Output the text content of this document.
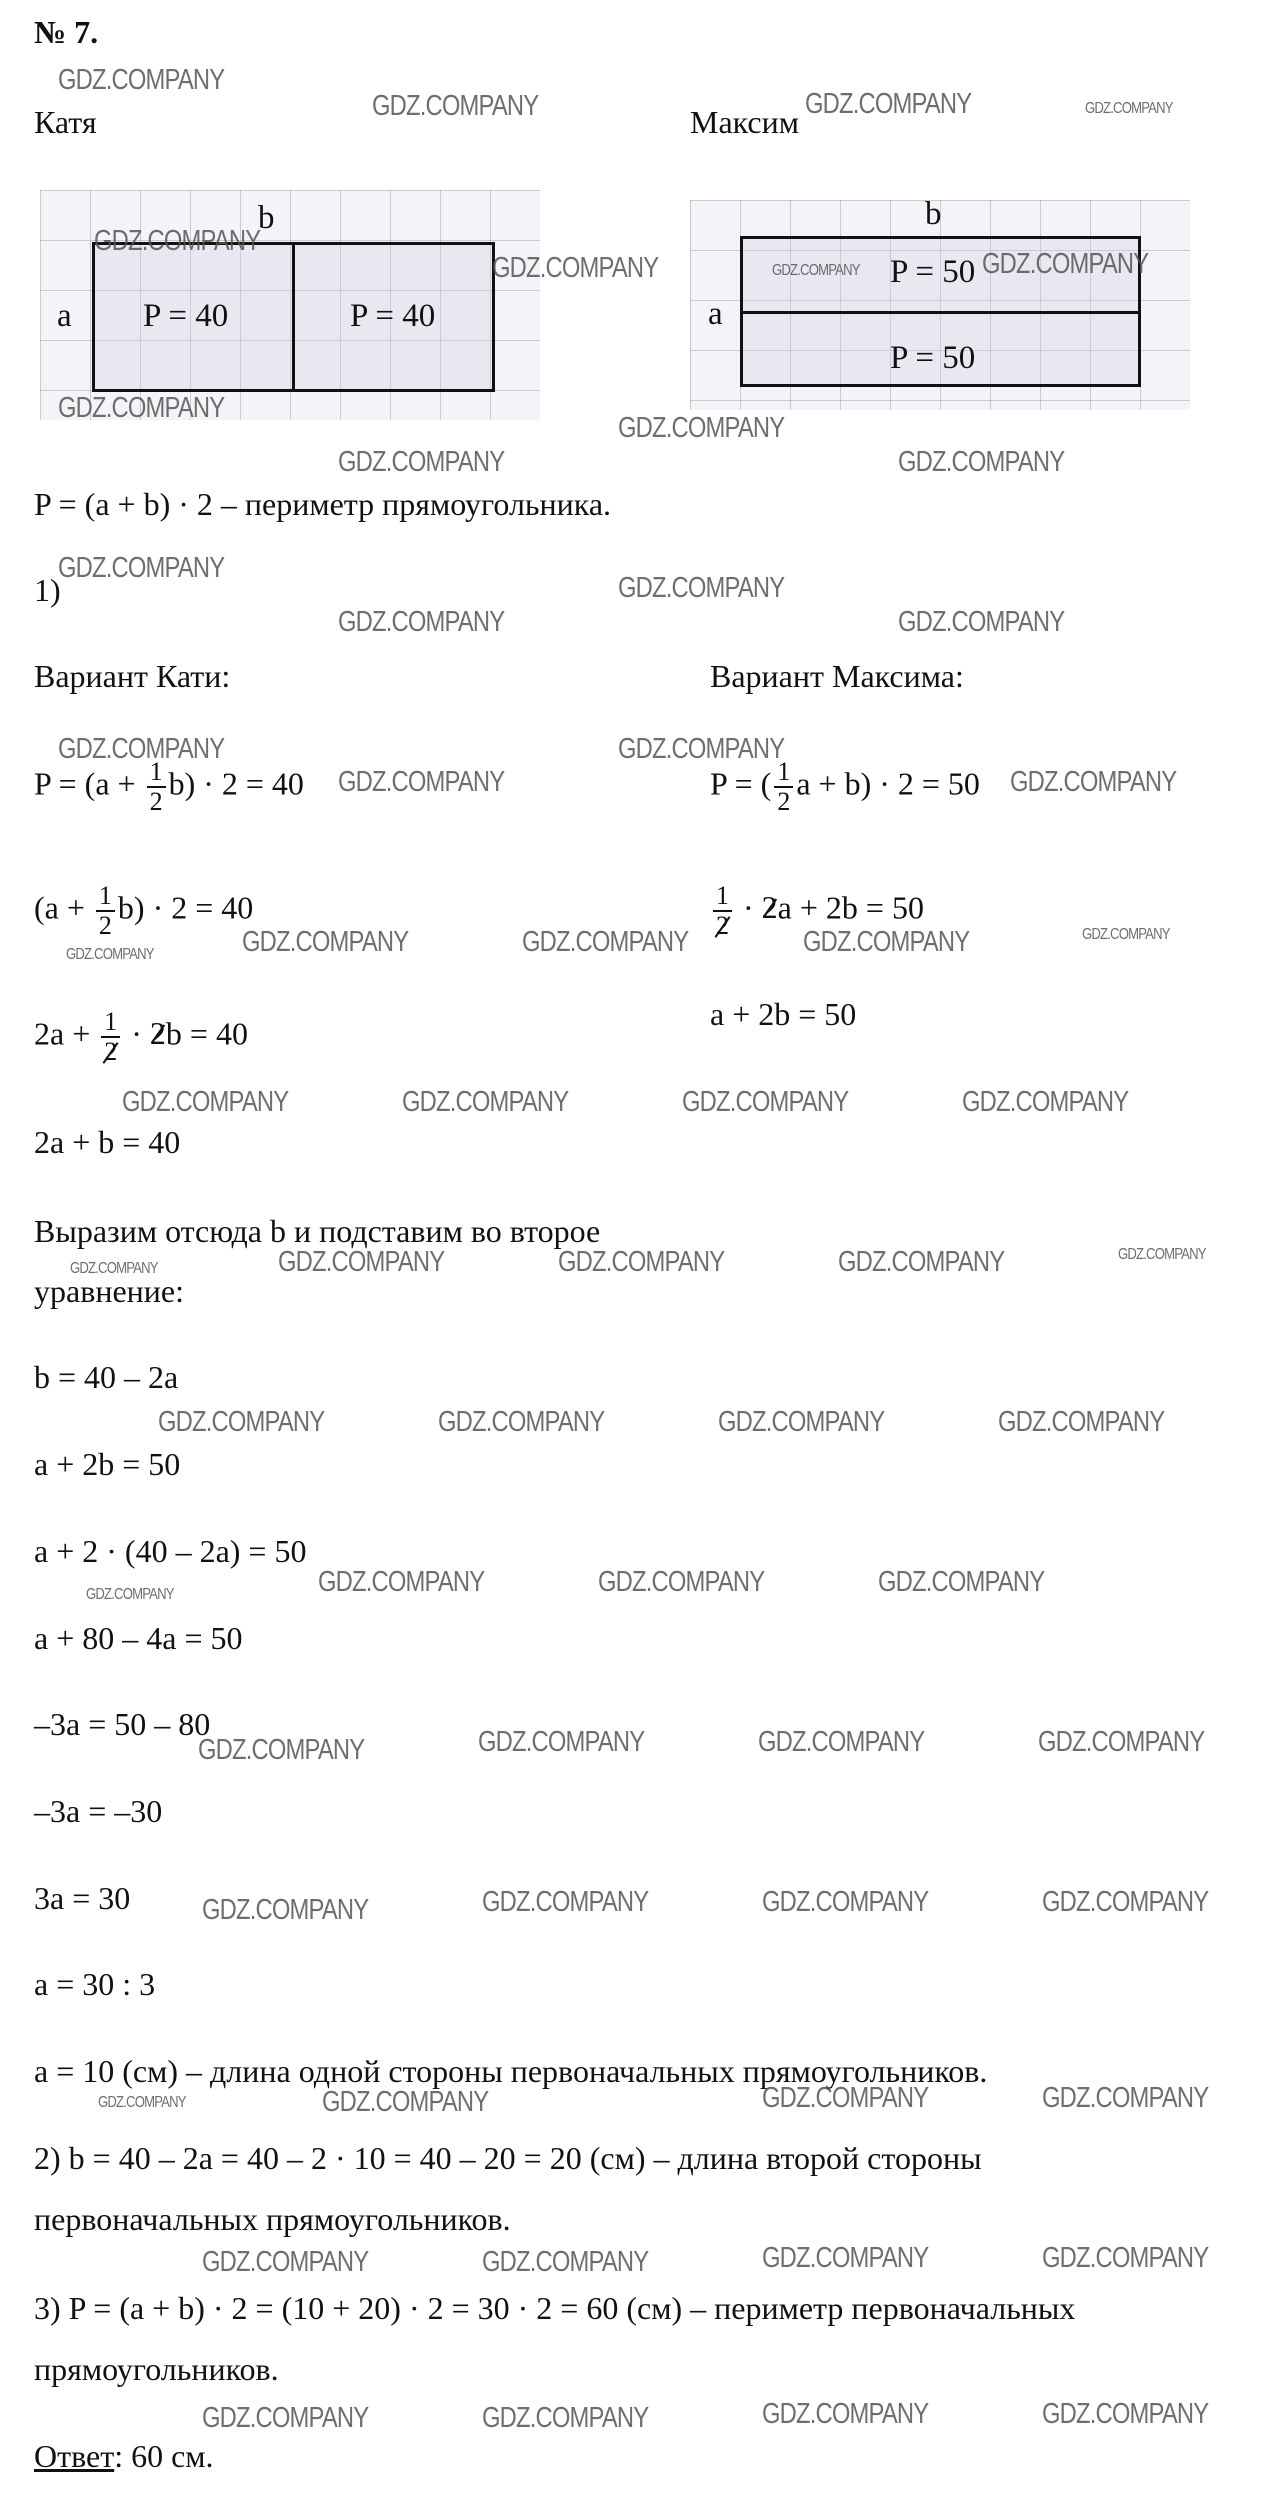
№ 7.
Катя	Максим
P = 40	P = 40
a
b
P = 50
P = 50
a
b
P = (a + b) · 2 – периметр прямоугольника.
1)
Вариант Кати:	Вариант Максима:
$P = (a + \frac{1}{2} b) \cdot 2 = 40$
$(a + \frac{1}{2} b) \cdot 2 = 40$
$2a + \frac{1}{2} \cdot 2b = 40$
2a + b = 40
P = ( $\frac{1}{2}$ a + b) · 2 = 50
$\frac{1}{2} \cdot 2a + 2b = 50$
a + 2b = 50
Выразим отсюда b и подставим во второе
уравнение:
b = 40 – 2a
a + 2b = 50
a + 2 · (40 – 2a) = 50
a + 80 – 4a = 50
–3a = 50 – 80
–3a = –30
3a = 30
a = 30 : 3
a = 10 (см) – длина одной стороны первоначальных прямоугольников.
2) b = 40 – 2a = 40 – 2 · 10 = 40 – 20 = 20 (см) – длина второй стороны
первоначальных прямоугольников.
3) P = (a + b) · 2 = (10 + 20) · 2 = 30 · 2 = 60 (см) – периметр первоначальных
прямоугольников.
Ответ: 60 см.
GDZ.COMPANY
GDZ.COMPANY	GDZ.COMPANY	GDZ.COMPANY
GDZ.COMPANY
GDZ.COMPANY	GDZ.COMPANY	GDZ.COMPANY
GDZ.COMPANY
GDZ.COMPANY
GDZ.COMPANY	GDZ.COMPANY
GDZ.COMPANY
GDZ.COMPANY
GDZ.COMPANY	GDZ.COMPANY
GDZ.COMPANY	GDZ.COMPANY
GDZ.COMPANY	GDZ.COMPANY
GDZ.COMPANY	GDZ.COMPANY	GDZ.COMPANY	GDZ.COMPANY	GDZ.COMPANY
GDZ.COMPANY	GDZ.COMPANY	GDZ.COMPANY	GDZ.COMPANY
GDZ.COMPANY	GDZ.COMPANY	GDZ.COMPANY	GDZ.COMPANY	GDZ.COMPANY
GDZ.COMPANY	GDZ.COMPANY	GDZ.COMPANY	GDZ.COMPANY
GDZ.COMPANY	GDZ.COMPANY	GDZ.COMPANY	GDZ.COMPANY
GDZ.COMPANY	GDZ.COMPANY	GDZ.COMPANY	GDZ.COMPANY
GDZ.COMPANY	GDZ.COMPANY	GDZ.COMPANY	GDZ.COMPANY
GDZ.COMPANY	GDZ.COMPANY	GDZ.COMPANY	GDZ.COMPANY
GDZ.COMPANY	GDZ.COMPANY	GDZ.COMPANY	GDZ.COMPANY
GDZ.COMPANY	GDZ.COMPANY	GDZ.COMPANY	GDZ.COMPANY
